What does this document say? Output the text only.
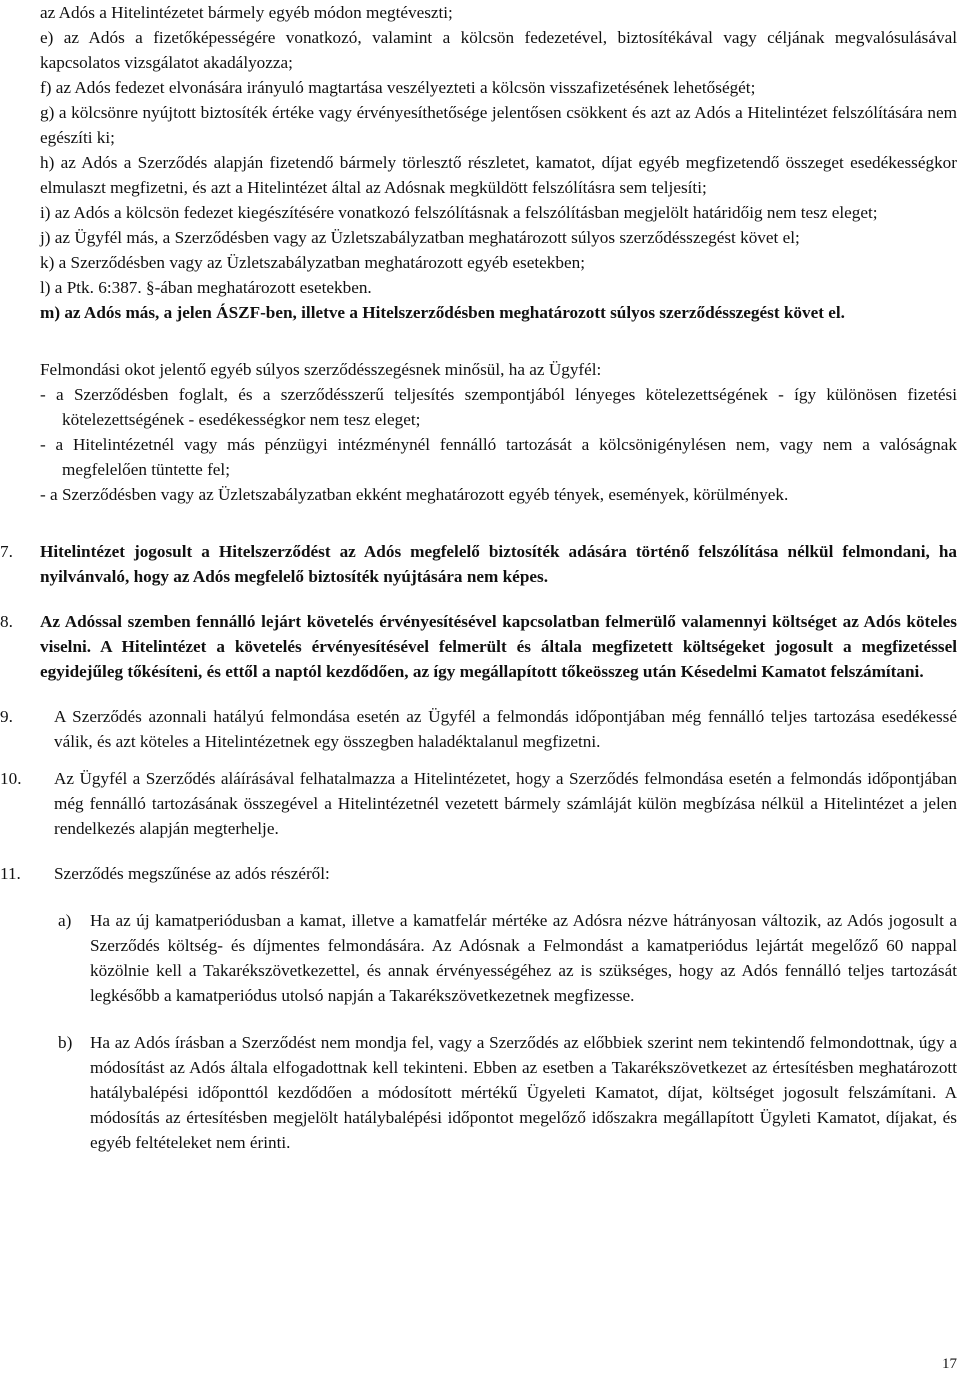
az Adós a Hitelintézetet bármely egyéb módon megtéveszti;

e) az Adós a fizetőképességére vonatkozó, valamint a kölcsön fedezetével, biztosítékával vagy céljának megvalósulásával kapcsolatos vizsgálatot akadályozza;

f) az Adós fedezet elvonására irányuló magtartása veszélyezteti a kölcsön visszafizetésének lehetőségét;

g) a kölcsönre nyújtott biztosíték értéke vagy érvényesíthetősége jelentősen csökkent és azt az Adós a Hitelintézet felszólítására nem egészíti ki;

h) az Adós a Szerződés alapján fizetendő bármely törlesztő részletet, kamatot, díjat egyéb megfizetendő összeget esedékességkor elmulaszt megfizetni, és azt a Hitelintézet által az Adósnak megküldött felszólításra sem teljesíti;

i) az Adós a kölcsön fedezet kiegészítésére vonatkozó felszólításnak a felszólításban megjelölt határidőig nem tesz eleget;

j) az Ügyfél más, a Szerződésben vagy az Üzletszabályzatban meghatározott súlyos szerződésszegést követ el;

k) a Szerződésben vagy az Üzletszabályzatban meghatározott egyéb esetekben;

l) a Ptk. 6:387. §-ában meghatározott esetekben.

m) az Adós más, a jelen ÁSZF-ben, illetve a Hitelszerződésben meghatározott súlyos szerződésszegést követ el.

Felmondási okot jelentő egyéb súlyos szerződésszegésnek minősül, ha az Ügyfél:

- a Szerződésben foglalt, és a szerződésszerű teljesítés szempontjából lényeges kötelezettségének - így különösen fizetési kötelezettségének - esedékességkor nem tesz eleget;

- a Hitelintézetnél vagy más pénzügyi intézménynél fennálló tartozását a kölcsönigénylésen nem, vagy nem a valóságnak megfelelően tüntette fel;

- a Szerződésben vagy az Üzletszabályzatban ekként meghatározott egyéb tények, események, körülmények.

7. Hitelintézet jogosult a Hitelszerződést az Adós megfelelő biztosíték adására történő felszólítása nélkül felmondani, ha nyilvánvaló, hogy az Adós megfelelő biztosíték nyújtására nem képes.

8. Az Adóssal szemben fennálló lejárt követelés érvényesítésével kapcsolatban felmerülő valamennyi költséget az Adós köteles viselni. A Hitelintézet a követelés érvényesítésével felmerült és általa megfizetett költségeket jogosult a megfizetéssel egyidejűleg tőkésíteni, és ettől a naptól kezdődően, az így megállapított tőkeösszeg után Késedelmi Kamatot felszámítani.

9.	A Szerződés azonnali hatályú felmondása esetén az Ügyfél a felmondás időpontjában még fennálló teljes tartozása esedékessé válik, és azt köteles a Hitelintézetnek egy összegben haladéktalanul megfizetni.

10.	Az Ügyfél a Szerződés aláírásával felhatalmazza a Hitelintézetet, hogy a Szerződés felmondása esetén a felmondás időpontjában még fennálló tartozásának összegével a Hitelintézetnél vezetett bármely számláját külön megbízása nélkül a Hitelintézet a jelen rendelkezés alapján megterhelje.

11.	Szerződés megszűnése az adós részéről:

a) Ha az új kamatperiódusban a kamat, illetve a kamatfelár mértéke az Adósra nézve hátrányosan változik, az Adós jogosult a Szerződés költség- és díjmentes felmondására. Az Adósnak a Felmondást a kamatperiódus lejártát megelőző 60 nappal közölnie kell a Takarékszövetkezettel, és annak érvényességéhez az is szükséges, hogy az Adós fennálló teljes tartozását legkésőbb a kamatperiódus utolsó napján a Takarékszövetkezetnek megfizesse.

b) Ha az Adós írásban a Szerződést nem mondja fel, vagy a Szerződés az előbbiek szerint nem tekintendő felmondottnak, úgy a módosítást az Adós általa elfogadottnak kell tekinteni. Ebben az esetben a Takarékszövetkezet az értesítésben meghatározott hatálybalépési időponttól kezdődően a módosított mértékű Ügyeleti Kamatot, díjat, költséget jogosult felszámítani. A módosítás az értesítésben megjelölt hatálybalépési időpontot megelőző időszakra megállapított Ügyleti Kamatot, díjakat, és egyéb feltételeket nem érinti.

17
